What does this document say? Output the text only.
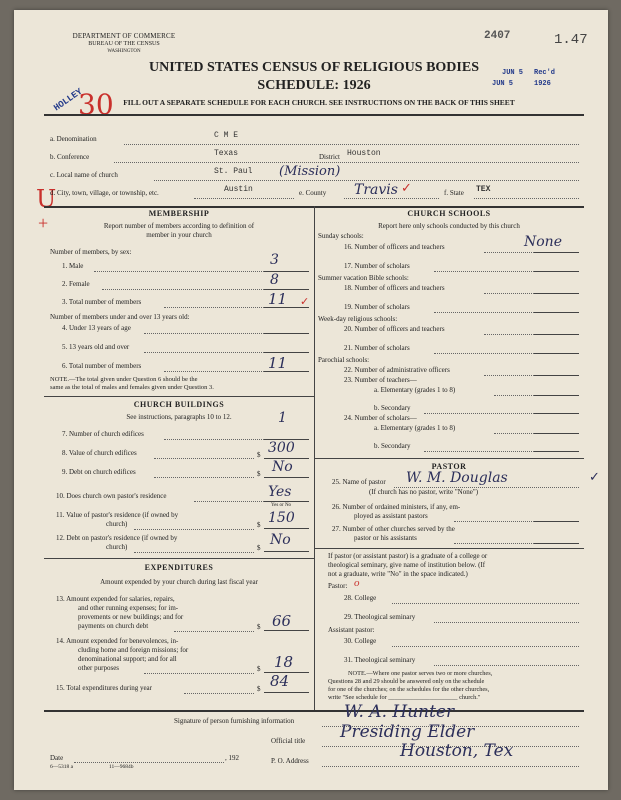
DEPARTMENT OF COMMERCE
BUREAU OF THE CENSUS
WASHINGTON
2407	1.47
UNITED STATES CENSUS OF RELIGIOUS BODIES
SCHEDULE: 1926
JUN 5 Rec'd
JUN 5	1926
HOLLEY
30	FILL OUT A SEPARATE SCHEDULE FOR EACH CHURCH. SEE INSTRUCTIONS ON THE BACK OF THIS SHEET
a. Denomination	C M E
b. Conference	Texas	District Houston
c. Local name of church	St. Paul (Mission)
U
+
d. City, town, village, or township, etc.	Austin	e. County Travis ✓	f. State TEX
MEMBERSHIP
Report number of members according to definition of
member in your church
Number of members, by sex:
1. Male	3
2. Female	8
3. Total number of members	11 ✓
Number of members under and over 13 years old:
4. Under 13 years of age
5. 13 years old and over
6. Total number of members	11
NOTE.—The total given under Question 6 should be the
same as the total of males and females given under Question 3.
CHURCH BUILDINGS
See instructions, paragraphs 10 to 12.	1
7. Number of church edifices
8. Value of church edifices	$ 300
9. Debt on church edifices	$ No
10. Does church own pastor's residence	Yes
Yes or No
11. Value of pastor's residence (if owned by
church)	$ 150
12. Debt on pastor's residence (if owned by
church)	$ No
EXPENDITURES
Amount expended by your church during last fiscal year
13. Amount expended for salaries, repairs,
and other running expenses; for im-
provements or new buildings; and for
payments on church debt	$ 66
14. Amount expended for benevolences, in-
cluding home and foreign missions; for
denominational support; and for all
other purposes	$ 18
15. Total expenditures during year	$ 84
CHURCH SCHOOLS
Report here only schools conducted by this church
Sunday schools:
16. Number of officers and teachers	None
17. Number of scholars
Summer vacation Bible schools:
18. Number of officers and teachers
19. Number of scholars
Week-day religious schools:
20. Number of officers and teachers
21. Number of scholars
Parochial schools:
22. Number of administrative officers
23. Number of teachers—
a. Elementary (grades 1 to 8)
b. Secondary
24. Number of scholars—
a. Elementary (grades 1 to 8)
b. Secondary
PASTOR
25. Name of pastor W. M. Douglas	✓
(If church has no pastor, write "None")
26. Number of ordained ministers, if any, em-
ployed as assistant pastors
27. Number of other churches served by the
pastor or his assistants
If pastor (or assistant pastor) is a graduate of a college or
theological seminary, give name of institution below. (If
not a graduate, write "No" in the space indicated.)
Pastor: o
28. College
29. Theological seminary
Assistant pastor:
30. College
31. Theological seminary
NOTE.—Where one pastor serves two or more churches,
Questions 28 and 29 should be answered only on the schedule
for one of the churches; on the schedules for the other churches,
write "See schedule for ______________________ church."
Signature of person furnishing information	W. A. Hunter
Official title Presiding Elder
Date	, 192	P. O. Address	Houston, Tex
6—5318 a	11—9684b
